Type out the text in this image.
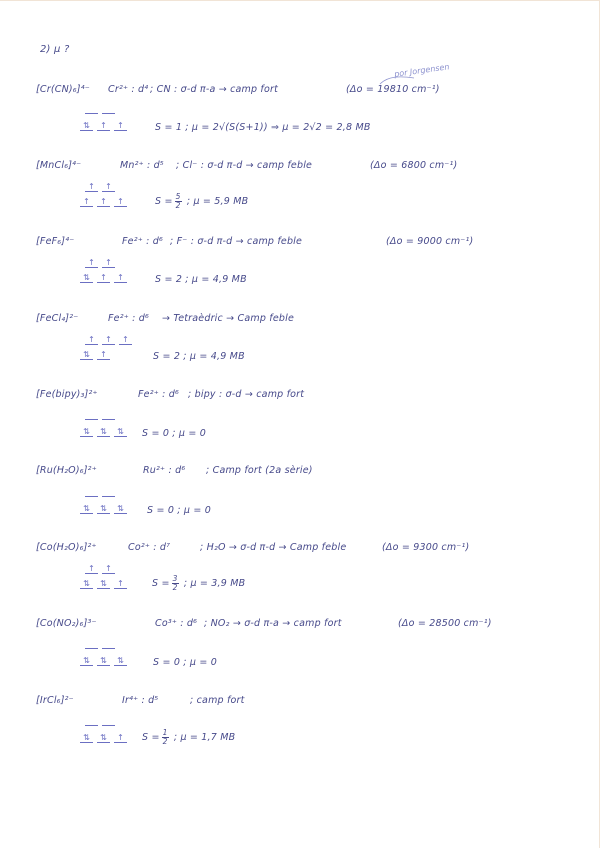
2) μ ?
por Jorgensen
[Cr(CN)₆]⁴⁻ Cr²⁺ : d⁴ ; CN : σ-d π-a → camp fort	(Δo = 19810 cm⁻¹)
S = 1 ; μ = 2√(S(S+1)) ⇒ μ = 2√2 = 2,8 MB
⇅	↑	↑
[MnCl₆]⁴⁻	Mn²⁺ : d⁵ ; Cl⁻ : σ-d π-d → camp feble	(Δo = 6800 cm⁻¹)
$S = \frac{5}{2}$ ; μ = 5,9 MB
↑	↑
↑	↑	↑
[FeF₆]⁴⁻	Fe²⁺ : d⁶ ; F⁻ : σ-d π-d → camp feble	(Δo = 9000 cm⁻¹)
S = 2 ; μ = 4,9 MB
↑	↑
⇅	↑	↑
[FeCl₄]²⁻	Fe²⁺ : d⁶ → Tetraèdric → Camp feble
S = 2 ; μ = 4,9 MB
↑	↑	↑
⇅	↑
[Fe(bipy)₃]²⁺	Fe²⁺ : d⁶ ; bipy : σ-d → camp fort
S = 0 ; μ = 0
⇅	⇅	⇅
[Ru(H₂O)₆]²⁺	Ru²⁺ : d⁶ ; Camp fort (2a sèrie)
S = 0 ; μ = 0
⇅	⇅	⇅
[Co(H₂O)₆]²⁺	Co²⁺ : d⁷	; H₂O → σ-d π-d → Camp feble	(Δo = 9300 cm⁻¹)
$S = \frac{3}{2}$ ; μ = 3,9 MB
↑	↑
⇅	⇅	↑
[Co(NO₂)₆]³⁻	Co³⁺ : d⁶ ; NO₂ → σ-d π-a → camp fort	(Δo = 28500 cm⁻¹)
S = 0 ; μ = 0
⇅	⇅	⇅
[IrCl₆]²⁻	Ir⁴⁺ : d⁵	; camp fort
$S = \frac{1}{2}$ ; μ = 1,7 MB
⇅	⇅	↑
